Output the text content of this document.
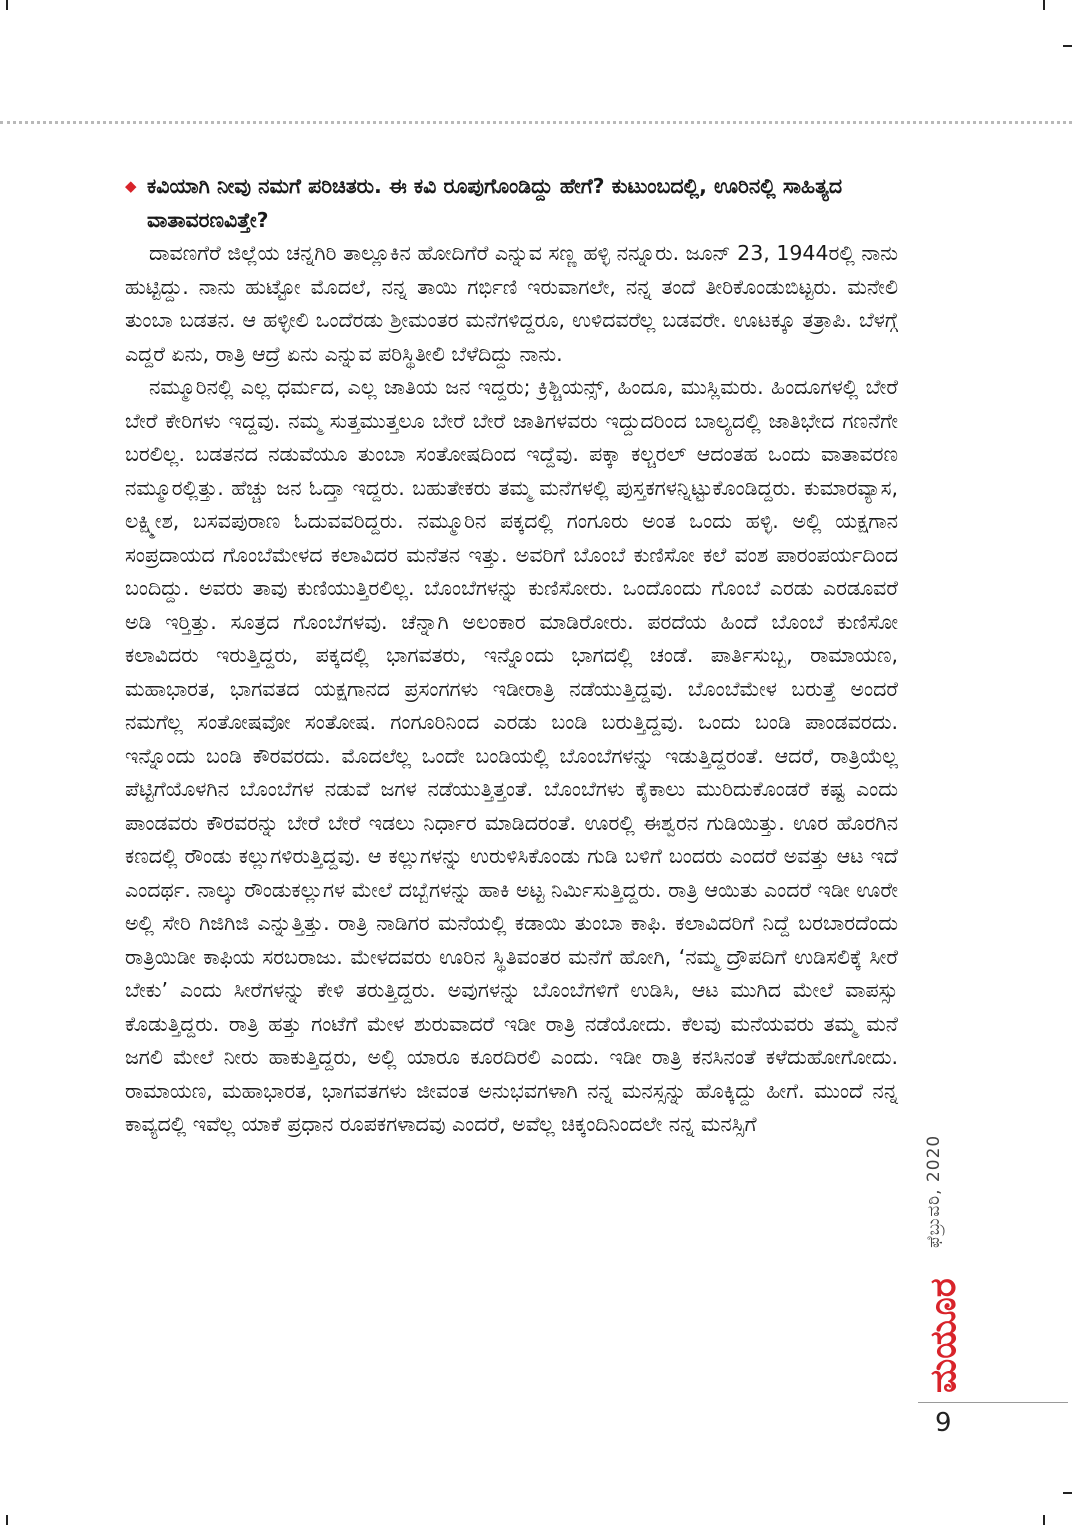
◆ ಕವಿಯಾಗಿ ನೀವು ನಮಗೆ ಪರಿಚಿತರು. ಈ ಕವಿ ರೂಪುಗೊಂಡಿದ್ದು ಹೇಗೆ? ಕುಟುಂಬದಲ್ಲಿ, ಊರಿನಲ್ಲಿ ಸಾಹಿತ್ಯದ ವಾತಾವರಣವಿತ್ತೇ?

ದಾವಣಗೆರೆ ಜಿಲ್ಲೆಯ ಚನ್ನಗಿರಿ ತಾಲ್ಲೂಕಿನ ಹೋದಿಗೆರೆ ಎನ್ನುವ ಸಣ್ಣ ಹಳ್ಳಿ ನನ್ನೂರು. ಜೂನ್ 23, 1944ರಲ್ಲಿ ನಾನು ಹುಟ್ಟಿದ್ದು. ನಾನು ಹುಟ್ಟೋ ಮೊದಲೆ, ನನ್ನ ತಾಯಿ ಗರ್ಭಿಣಿ ಇರುವಾಗಲೇ, ನನ್ನ ತಂದೆ ತೀರಿಕೊಂಡುಬಿಟ್ಟರು. ಮನೇಲಿ ತುಂಬಾ ಬಡತನ. ಆ ಹಳ್ಳೀಲಿ ಒಂದೆರಡು ಶ್ರೀಮಂತರ ಮನೆಗಳಿದ್ದರೂ, ಉಳಿದವರೆಲ್ಲ ಬಡವರೇ. ಊಟಕ್ಕೂ ತತ್ರಾಪಿ. ಬೆಳಗ್ಗೆ ಎದ್ದರೆ ಏನು, ರಾತ್ರಿ ಆದ್ರೆ ಏನು ಎನ್ನುವ ಪರಿಸ್ಥಿತೀಲಿ ಬೆಳೆದಿದ್ದು ನಾನು.

ನಮ್ಮೂರಿನಲ್ಲಿ ಎಲ್ಲ ಧರ್ಮದ, ಎಲ್ಲ ಜಾತಿಯ ಜನ ಇದ್ದರು; ಕ್ರಿಶ್ಚಿಯನ್ಸ್, ಹಿಂದೂ, ಮುಸ್ಲಿಮರು. ಹಿಂದೂಗಳಲ್ಲಿ ಬೇರೆ ಬೇರೆ ಕೇರಿಗಳು ಇದ್ದವು. ನಮ್ಮ ಸುತ್ತಮುತ್ತಲೂ ಬೇರೆ ಬೇರೆ ಜಾತಿಗಳವರು ಇದ್ದುದರಿಂದ ಬಾಲ್ಯದಲ್ಲಿ ಜಾತಿಭೇದ ಗಣನೆಗೇ ಬರಲಿಲ್ಲ. ಬಡತನದ ನಡುವೆಯೂ ತುಂಬಾ ಸಂತೋಷದಿಂದ ಇದ್ದೆವು. ಪಕ್ಕಾ ಕಲ್ಚರಲ್ ಆದಂತಹ ಒಂದು ವಾತಾವರಣ ನಮ್ಮೂರಲ್ಲಿತ್ತು. ಹೆಚ್ಚು ಜನ ಓದ್ತಾ ಇದ್ದರು. ಬಹುತೇಕರು ತಮ್ಮ ಮನೆಗಳಲ್ಲಿ ಪುಸ್ತಕಗಳನ್ನಿಟ್ಟುಕೊಂಡಿದ್ದರು. ಕುಮಾರವ್ಯಾಸ, ಲಕ್ಷ್ಮೀಶ, ಬಸವಪುರಾಣ ಓದುವವರಿದ್ದರು. ನಮ್ಮೂರಿನ ಪಕ್ಕದಲ್ಲಿ ಗಂಗೂರು ಅಂತ ಒಂದು ಹಳ್ಳಿ. ಅಲ್ಲಿ ಯಕ್ಷಗಾನ ಸಂಪ್ರದಾಯದ ಗೊಂಬೆಮೇಳದ ಕಲಾವಿದರ ಮನೆತನ ಇತ್ತು. ಅವರಿಗೆ ಬೊಂಬೆ ಕುಣಿಸೋ ಕಲೆ ವಂಶ ಪಾರಂಪರ್ಯದಿಂದ ಬಂದಿದ್ದು. ಅವರು ತಾವು ಕುಣಿಯುತ್ತಿರಲಿಲ್ಲ. ಬೊಂಬೆಗಳನ್ನು ಕುಣಿಸೋರು. ಒಂದೊಂದು ಗೊಂಬೆ ಎರಡು ಎರಡೂವರೆ ಅಡಿ ಇರ್‍ತಿತ್ತು. ಸೂತ್ರದ ಗೊಂಬೆಗಳವು. ಚೆನ್ನಾಗಿ ಅಲಂಕಾರ ಮಾಡಿರೋರು. ಪರದೆಯ ಹಿಂದೆ ಬೊಂಬೆ ಕುಣಿಸೋ ಕಲಾವಿದರು ಇರುತ್ತಿದ್ದರು, ಪಕ್ಕದಲ್ಲಿ ಭಾಗವತರು, ಇನ್ನೊಂದು ಭಾಗದಲ್ಲಿ ಚಂಡೆ. ಪಾರ್ತಿಸುಬ್ಬ, ರಾಮಾಯಣ, ಮಹಾಭಾರತ, ಭಾಗವತದ ಯಕ್ಷಗಾನದ ಪ್ರಸಂಗಗಳು ಇಡೀರಾತ್ರಿ ನಡೆಯುತ್ತಿದ್ದವು. ಬೊಂಬೆಮೇಳ ಬರುತ್ತೆ ಅಂದರೆ ನಮಗೆಲ್ಲ ಸಂತೋಷವೋ ಸಂತೋಷ. ಗಂಗೂರಿನಿಂದ ಎರಡು ಬಂಡಿ ಬರುತ್ತಿದ್ದವು. ಒಂದು ಬಂಡಿ ಪಾಂಡವರದು. ಇನ್ನೊಂದು ಬಂಡಿ ಕೌರವರದು. ಮೊದಲೆಲ್ಲ ಒಂದೇ ಬಂಡಿಯಲ್ಲಿ ಬೊಂಬೆಗಳನ್ನು ಇಡುತ್ತಿದ್ದರಂತೆ. ಆದರೆ, ರಾತ್ರಿಯೆಲ್ಲ ಪೆಟ್ಟಿಗೆಯೊಳಗಿನ ಬೊಂಬೆಗಳ ನಡುವೆ ಜಗಳ ನಡೆಯುತ್ತಿತ್ತಂತೆ. ಬೊಂಬೆಗಳು ಕೈಕಾಲು ಮುರಿದುಕೊಂಡರೆ ಕಷ್ಟ ಎಂದು ಪಾಂಡವರು ಕೌರವರನ್ನು ಬೇರೆ ಬೇರೆ ಇಡಲು ನಿರ್ಧಾರ ಮಾಡಿದರಂತೆ. ಊರಲ್ಲಿ ಈಶ್ವರನ ಗುಡಿಯಿತ್ತು. ಊರ ಹೊರಗಿನ ಕಣದಲ್ಲಿ ರೌಂಡು ಕಲ್ಲುಗಳಿರುತ್ತಿದ್ದವು. ಆ ಕಲ್ಲುಗಳನ್ನು ಉರುಳಿಸಿಕೊಂಡು ಗುಡಿ ಬಳಿಗೆ ಬಂದರು ಎಂದರೆ ಅವತ್ತು ಆಟ ಇದೆ ಎಂದರ್ಥ. ನಾಲ್ಕು ರೌಂಡುಕಲ್ಲುಗಳ ಮೇಲೆ ದಬ್ಬೆಗಳನ್ನು ಹಾಕಿ ಅಟ್ಟ ನಿರ್ಮಿಸುತ್ತಿದ್ದರು. ರಾತ್ರಿ ಆಯಿತು ಎಂದರೆ ಇಡೀ ಊರೇ ಅಲ್ಲಿ ಸೇರಿ ಗಿಜಿಗಿಜಿ ಎನ್ನುತ್ತಿತ್ತು. ರಾತ್ರಿ ನಾಡಿಗರ ಮನೆಯಲ್ಲಿ ಕಡಾಯಿ ತುಂಬಾ ಕಾಫಿ. ಕಲಾವಿದರಿಗೆ ನಿದ್ದೆ ಬರಬಾರದೆಂದು ರಾತ್ರಿಯಿಡೀ ಕಾಫಿಯ ಸರಬರಾಜು. ಮೇಳದವರು ಊರಿನ ಸ್ಥಿತಿವಂತರ ಮನೆಗೆ ಹೋಗಿ, ‘ನಮ್ಮ ದ್ರೌಪದಿಗೆ ಉಡಿಸಲಿಕ್ಕೆ ಸೀರೆ ಬೇಕು’ ಎಂದು ಸೀರೆಗಳನ್ನು ಕೇಳಿ ತರುತ್ತಿದ್ದರು. ಅವುಗಳನ್ನು ಬೊಂಬೆಗಳಿಗೆ ಉಡಿಸಿ, ಆಟ ಮುಗಿದ ಮೇಲೆ ವಾಪಸ್ಸು ಕೊಡುತ್ತಿದ್ದರು. ರಾತ್ರಿ ಹತ್ತು ಗಂಟೆಗೆ ಮೇಳ ಶುರುವಾದರೆ ಇಡೀ ರಾತ್ರಿ ನಡೆಯೋದು. ಕೆಲವು ಮನೆಯವರು ತಮ್ಮ ಮನೆ ಜಗಲಿ ಮೇಲೆ ನೀರು ಹಾಕುತ್ತಿದ್ದರು, ಅಲ್ಲಿ ಯಾರೂ ಕೂರದಿರಲಿ ಎಂದು. ಇಡೀ ರಾತ್ರಿ ಕನಸಿನಂತೆ ಕಳೆದುಹೋಗೋದು. ರಾಮಾಯಣ, ಮಹಾಭಾರತ, ಭಾಗವತಗಳು ಜೀವಂತ ಅನುಭವಗಳಾಗಿ ನನ್ನ ಮನಸ್ಸನ್ನು ಹೊಕ್ಕಿದ್ದು ಹೀಗೆ. ಮುಂದೆ ನನ್ನ ಕಾವ್ಯದಲ್ಲಿ ಇವೆಲ್ಲ ಯಾಕೆ ಪ್ರಧಾನ ರೂಪಕಗಳಾದವು ಎಂದರೆ, ಅವೆಲ್ಲ ಚಿಕ್ಕಂದಿನಿಂದಲೇ ನನ್ನ ಮನಸ್ಸಿಗೆ

ಫೆಬ್ರುವರಿ, 2020
ಮಯೂರ
9
